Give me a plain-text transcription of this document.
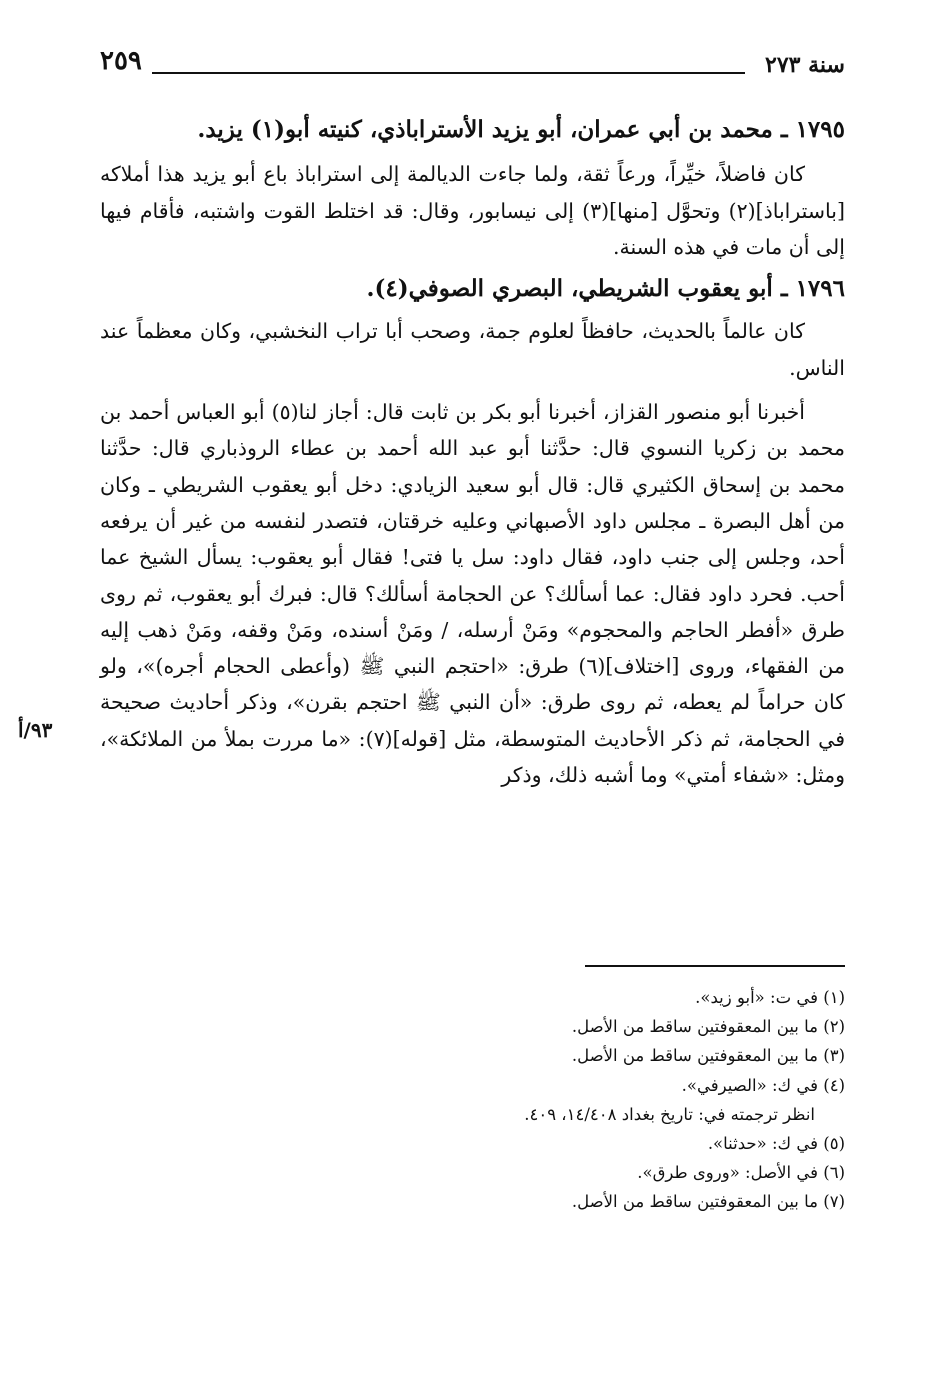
سنة ٢٧٣
٢٥٩

١٧٩٥ ـ محمد بن أبي عمران، أبو يزيد الأستراباذي، كنيته أبو(١) يزيد.

كان فاضلاً، خيِّراً، ورعاً ثقة، ولما جاءت الديالمة إلى استراباذ باع أبو يزيد هذا أملاكه [باستراباذ](٢) وتحوَّل [منها](٣) إلى نيسابور، وقال: قد اختلط القوت واشتبه، فأقام فيها إلى أن مات في هذه السنة.

١٧٩٦ ـ أبو يعقوب الشريطي، البصري الصوفي(٤).

كان عالماً بالحديث، حافظاً لعلوم جمة، وصحب أبا تراب النخشبي، وكان معظماً عند الناس.

أخبرنا أبو منصور القزاز، أخبرنا أبو بكر بن ثابت قال: أجاز لنا(٥) أبو العباس أحمد بن محمد بن زكريا النسوي قال: حدَّثنا أبو عبد الله أحمد بن عطاء الروذباري قال: حدَّثنا محمد بن إسحاق الكثيري قال: قال أبو سعيد الزيادي: دخل أبو يعقوب الشريطي ـ وكان من أهل البصرة ـ مجلس داود الأصبهاني وعليه خرقتان، فتصدر لنفسه من غير أن يرفعه أحد، وجلس إلى جنب داود، فقال داود: سل يا فتى! فقال أبو يعقوب: يسأل الشيخ عما أحب. فحرد داود فقال: عما أسألك؟ عن الحجامة أسألك؟ قال: فبرك أبو يعقوب، ثم روى طرق «أفطر الحاجم والمحجوم» ومَنْ أرسله، / ومَنْ أسنده، ومَنْ وقفه، ومَنْ ذهب إليه من الفقهاء، وروى [اختلاف](٦) طرق: «احتجم النبي ﷺ (وأعطى الحجام أجره)»، ولو كان حراماً لم يعطه، ثم روى طرق: «أن النبي ﷺ احتجم بقرن»، وذكر أحاديث صحيحة في الحجامة، ثم ذكر الأحاديث المتوسطة، مثل [قوله](٧): «ما مررت بملأ من الملائكة»، ومثل: «شفاء أمتي» وما أشبه ذلك، وذكر

٩٣/أ
(١) في ت: «أبو زيد».
(٢) ما بين المعقوفتين ساقط من الأصل.
(٣) ما بين المعقوفتين ساقط من الأصل.
(٤) في ك: «الصيرفي».
انظر ترجمته في: تاريخ بغداد ١٤/٤٠٨، ٤٠٩.
(٥) في ك: «حدثنا».
(٦) في الأصل: «وروى طرق».
(٧) ما بين المعقوفتين ساقط من الأصل.
